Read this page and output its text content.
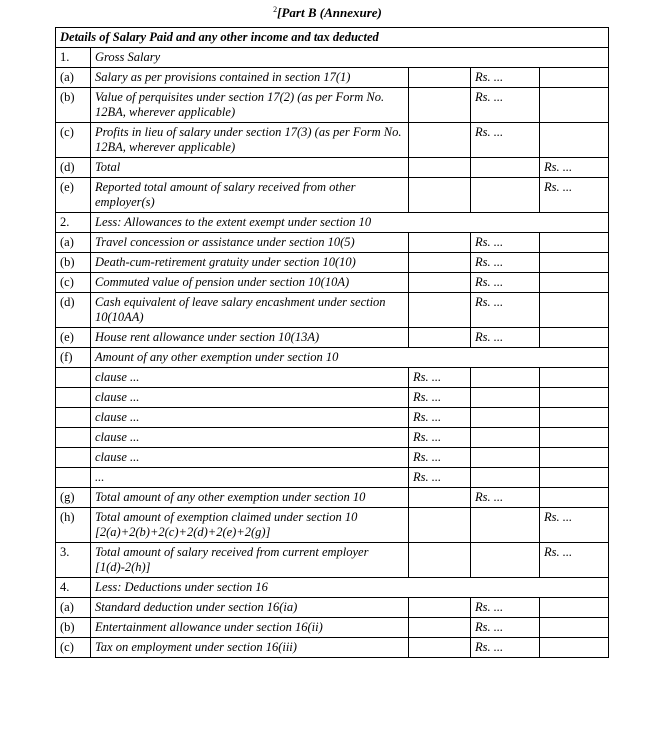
$^2$[Part B (Annexure)
Details of Salary Paid and any other income and tax deducted				
1.	Gross Salary			
(a)	Salary as per provisions contained in section 17(1)		Rs. ...	
(b)	Value of perquisites under section 17(2) (as per Form No. 12BA, wherever applicable)		Rs. ...	
(c)	Profits in lieu of salary under section 17(3) (as per Form No. 12BA, wherever applicable)		Rs. ...	
(d)	Total			Rs. ...
(e)	Reported total amount of salary received from other employer(s)			Rs. ...
2.	Less: Allowances to the extent exempt under section 10			
(a)	Travel concession or assistance under section 10(5)		Rs. ...	
(b)	Death-cum-retirement gratuity under section 10(10)		Rs. ...	
(c)	Commuted value of pension under section 10(10A)		Rs. ...	
(d)	Cash equivalent of leave salary encashment under section 10(10AA)		Rs. ...	
(e)	House rent allowance under section 10(13A)		Rs. ...	
(f)	Amount of any other exemption under section 10			
	clause ...	Rs. ...		
	clause ...	Rs. ...		
	clause ...	Rs. ...		
	clause ...	Rs. ...		
	clause ...	Rs. ...		
	...	Rs. ...		
(g)	Total amount of any other exemption under section 10		Rs. ...	
(h)	Total amount of exemption claimed under section 10 [2(a)+2(b)+2(c)+2(d)+2(e)+2(g)]			Rs. ...
3.	Total amount of salary received from current employer [1(d)-2(h)]			Rs. ...
4.	Less: Deductions under section 16			
(a)	Standard deduction under section 16(ia)		Rs. ...	
(b)	Entertainment allowance under section 16(ii)		Rs. ...	
(c)	Tax on employment under section 16(iii)		Rs. ...	
